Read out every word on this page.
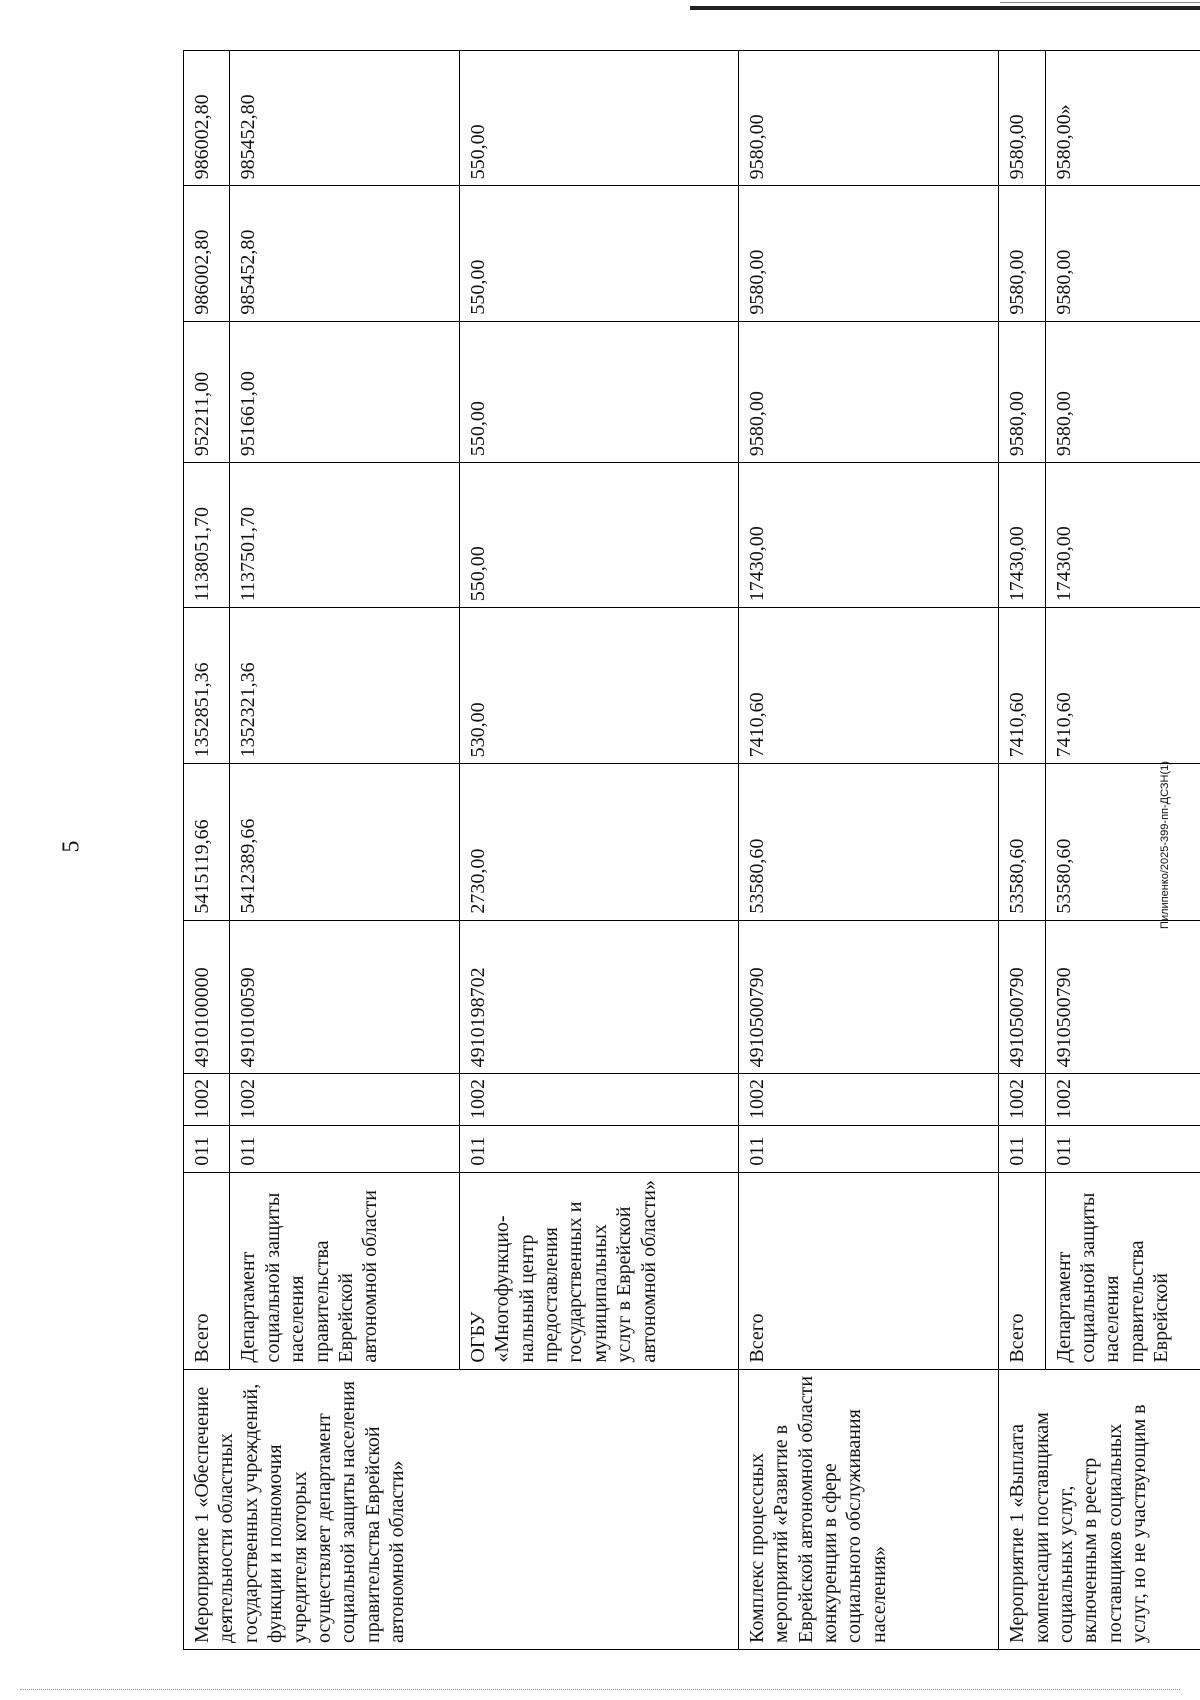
5	Пилипенко/2025-399-пп-ДСЗН(1)
Мероприятие 1 «Обеспечение деятельности областных государственных учреждений, функции и полномочия учредителя которых осуществляет департамент социальной защиты населения правительства Еврейской автономной области»	Всего	011	1002	4910100000	5415119,66	1352851,36	1138051,70	952211,00	986002,80	986002,80
	Департамент социальной защиты населения правительства Еврейской автономной области	011	1002	4910100590	5412389,66	1352321,36	1137501,70	951661,00	985452,80	985452,80
	ОГБУ «Многофункцио-нальный центр предоставления государственных и муниципальных услуг в Еврейской автономной области»	011	1002	4910198702	2730,00	530,00	550,00	550,00	550,00	550,00
Комплекс процессных мероприятий «Развитие в Еврейской автономной области конкуренции в сфере социального обслуживания населения»	Всего	011	1002	4910500790	53580,60	7410,60	17430,00	9580,00	9580,00	9580,00
Мероприятие 1 «Выплата компенсации поставщикам социальных услуг, включенным в реестр поставщиков социальных услуг, но не участвующим в	Всего	011	1002	4910500790	53580,60	7410,60	17430,00	9580,00	9580,00	9580,00
	Департамент социальной защиты населения правительства Еврейской	011	1002	4910500790	53580,60	7410,60	17430,00	9580,00	9580,00	9580,00»
